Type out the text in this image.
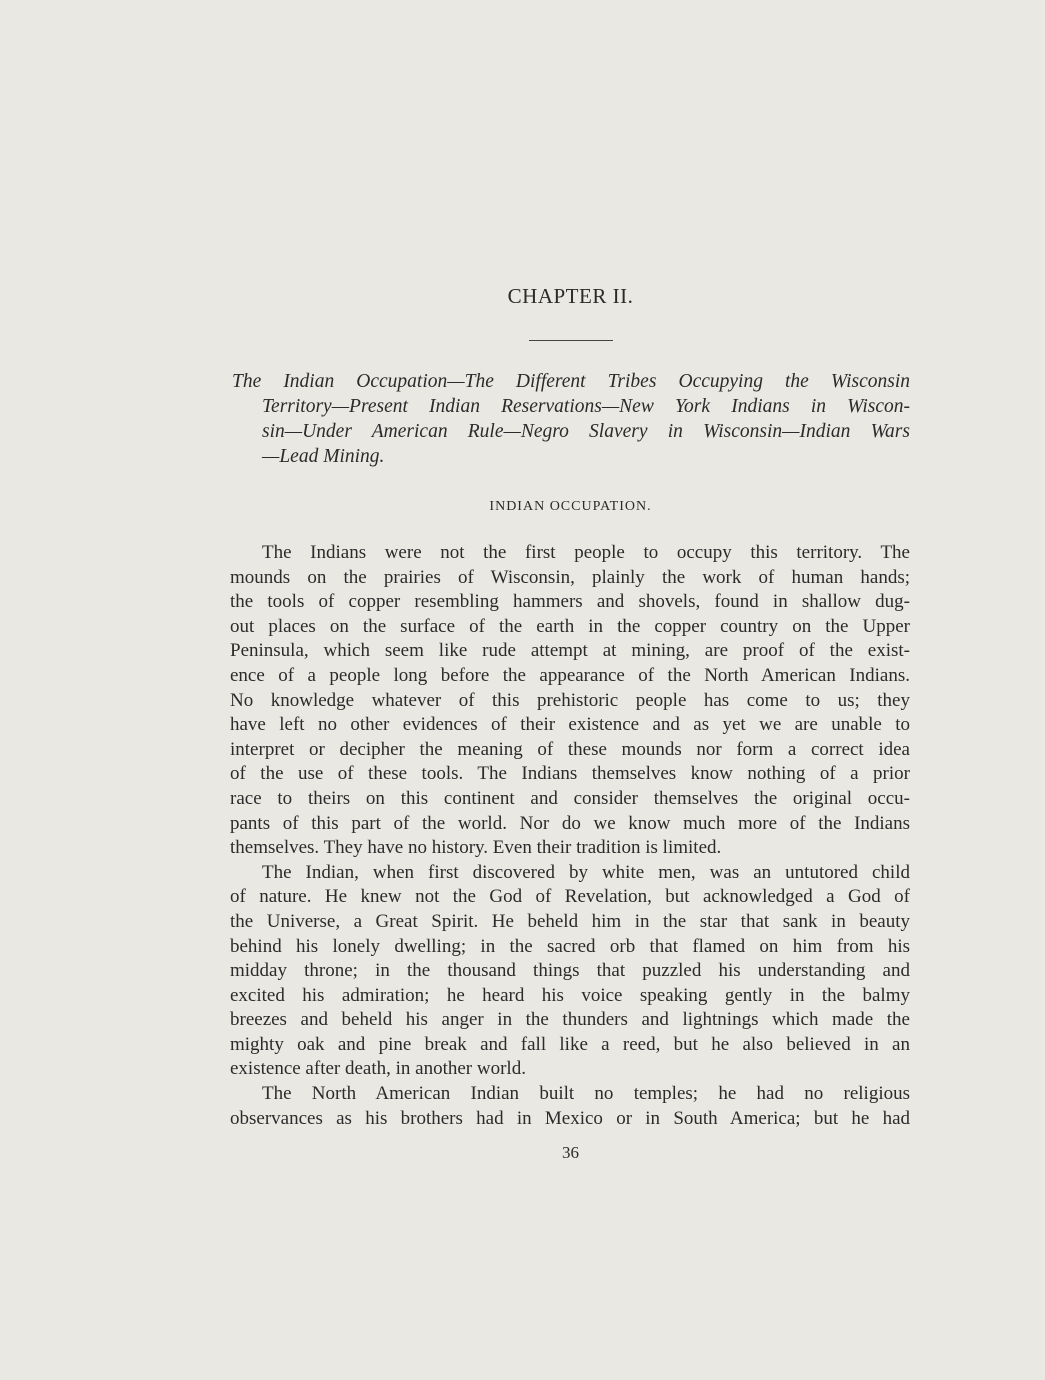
CHAPTER II.
The Indian Occupation—The Different Tribes Occupying the Wisconsin
Territory—Present Indian Reservations—New York Indians in Wiscon-
sin—Under American Rule—Negro Slavery in Wisconsin—Indian Wars
—Lead Mining.
INDIAN OCCUPATION.
The Indians were not the first people to occupy this territory. The
mounds on the prairies of Wisconsin, plainly the work of human hands;
the tools of copper resembling hammers and shovels, found in shallow dug-
out places on the surface of the earth in the copper country on the Upper
Peninsula, which seem like rude attempt at mining, are proof of the exist-
ence of a people long before the appearance of the North American Indians.
No knowledge whatever of this prehistoric people has come to us; they
have left no other evidences of their existence and as yet we are unable to
interpret or decipher the meaning of these mounds nor form a correct idea
of the use of these tools. The Indians themselves know nothing of a prior
race to theirs on this continent and consider themselves the original occu-
pants of this part of the world. Nor do we know much more of the Indians
themselves. They have no history. Even their tradition is limited.
The Indian, when first discovered by white men, was an untutored child
of nature. He knew not the God of Revelation, but acknowledged a God of
the Universe, a Great Spirit. He beheld him in the star that sank in beauty
behind his lonely dwelling; in the sacred orb that flamed on him from his
midday throne; in the thousand things that puzzled his understanding and
excited his admiration; he heard his voice speaking gently in the balmy
breezes and beheld his anger in the thunders and lightnings which made the
mighty oak and pine break and fall like a reed, but he also believed in an
existence after death, in another world.
The North American Indian built no temples; he had no religious
observances as his brothers had in Mexico or in South America; but he had
36
